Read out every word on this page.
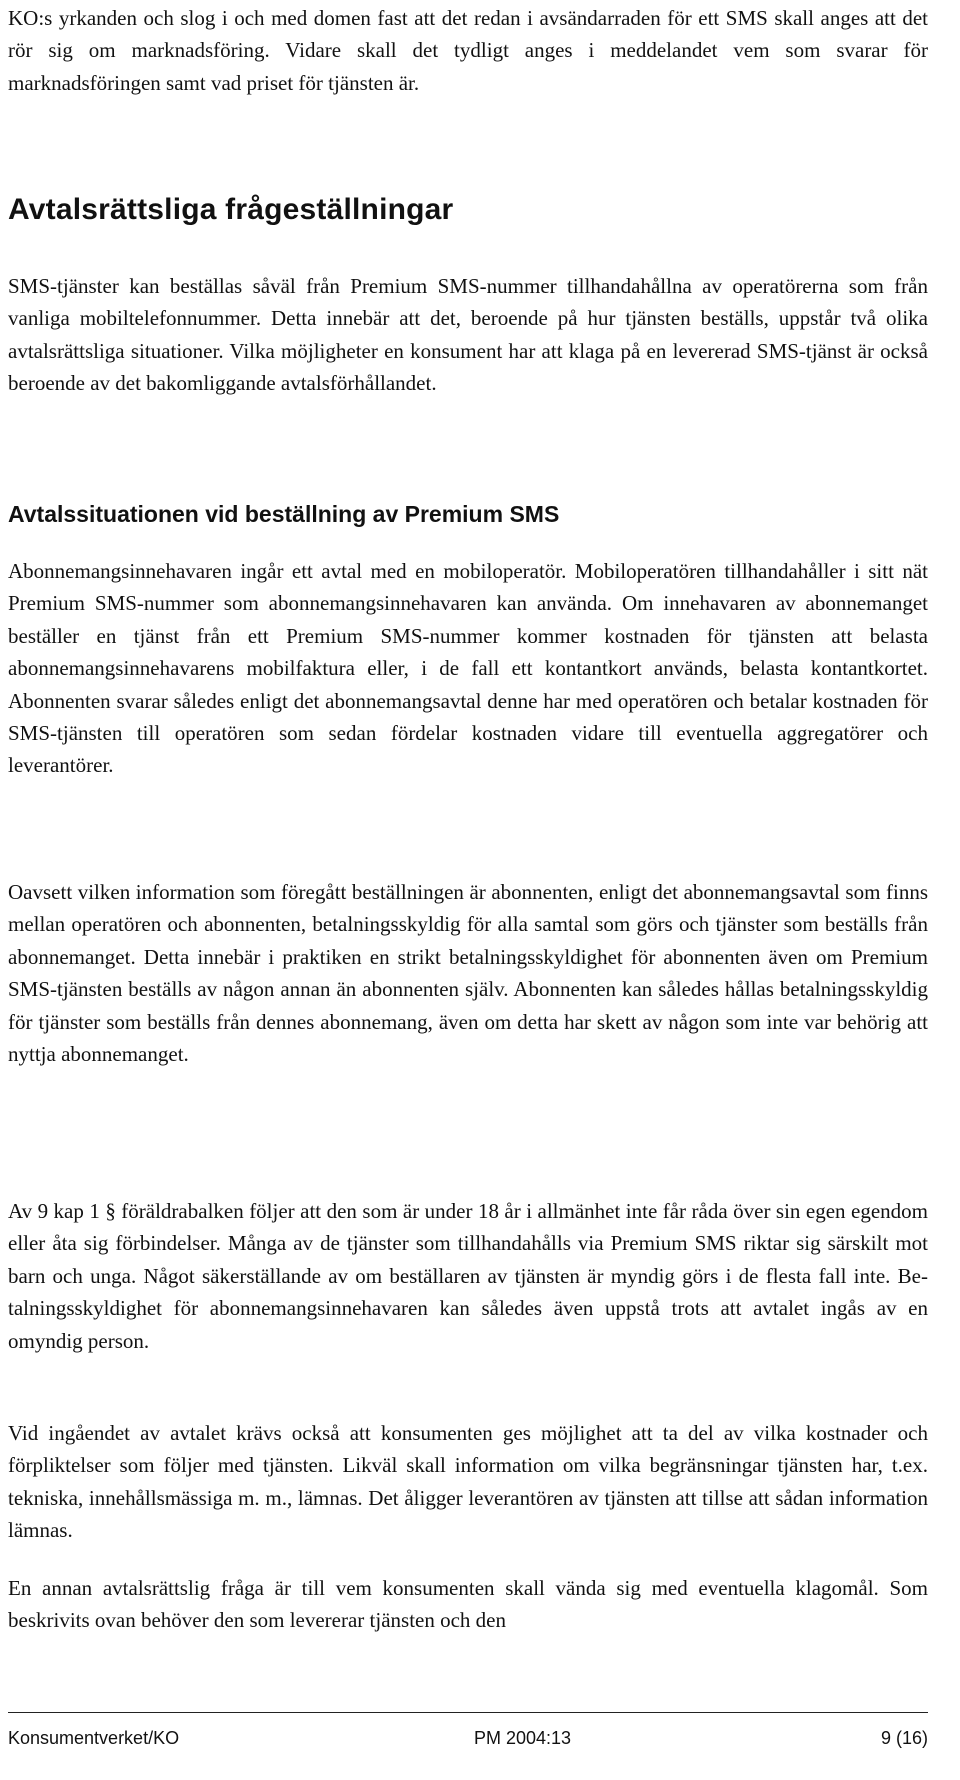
KO:s yrkanden och slog i och med domen fast att det redan i avsändarraden för ett SMS skall anges att det rör sig om marknadsföring. Vidare skall det tydligt anges i meddelandet vem som svarar för marknadsföringen samt vad priset för tjänsten är.

Avtalsrättsliga frågeställningar

SMS-tjänster kan beställas såväl från Premium SMS-nummer tillhandahållna av operatörerna som från vanliga mobiltelefonnummer. Detta innebär att det, beroende på hur tjänsten beställs, uppstår två olika avtalsrättsliga situationer. Vilka möjligheter en konsument har att klaga på en levererad SMS-tjänst är också beroende av det bakomliggande avtalsförhållandet.

Avtalssituationen vid beställning av Premium SMS

Abonnemangsinnehavaren ingår ett avtal med en mobiloperatör. Mobiloperatören tillhandahåller i sitt nät Premium SMS-nummer som abonnemangsinnehavaren kan använda. Om innehavaren av abonnemanget beställer en tjänst från ett Premium SMS-nummer kommer kostnaden för tjänsten att belasta abonnemangsinnehavarens mobilfaktura eller, i de fall ett kontantkort används, belasta kontantkortet. Abonnenten svarar således enligt det abonnemangsavtal denne har med operatören och betalar kostnaden för SMS-tjänsten till operatören som sedan fördelar kostnaden vidare till eventuella aggregatörer och leverantörer.

Oavsett vilken information som föregått beställningen är abonnenten, enligt det abonnemangsavtal som finns mellan operatören och abonnenten, betalningsskyldig för alla samtal som görs och tjänster som beställs från abonnemanget. Detta innebär i praktiken en strikt betalningsskyldighet för abonnenten även om Premium SMS-tjänsten beställs av någon annan än abonnenten själv. Abonnenten kan således hållas betalningsskyldig för tjänster som beställs från dennes abonnemang, även om detta har skett av någon som inte var behörig att nyttja abonnemanget.

Av 9 kap 1 § föräldrabalken följer att den som är under 18 år i allmänhet inte får råda över sin egen egendom eller åta sig förbindelser. Många av de tjänster som tillhandahålls via Premium SMS riktar sig särskilt mot barn och unga. Något säkerställande av om beställaren av tjänsten är myndig görs i de flesta fall inte. Betalningsskyldighet för abonnemangsinnehavaren kan således även uppstå trots att avtalet ingås av en omyndig person.

Vid ingåendet av avtalet krävs också att konsumenten ges möjlighet att ta del av vilka kostnader och förpliktelser som följer med tjänsten. Likväl skall information om vilka begränsningar tjänsten har, t.ex. tekniska, innehållsmässiga m. m., lämnas. Det åligger leverantören av tjänsten att tillse att sådan information lämnas.

En annan avtalsrättslig fråga är till vem konsumenten skall vända sig med eventuella klagomål. Som beskrivits ovan behöver den som levererar tjänsten och den

Konsumentverket/KO	PM 2004:13	9 (16)
